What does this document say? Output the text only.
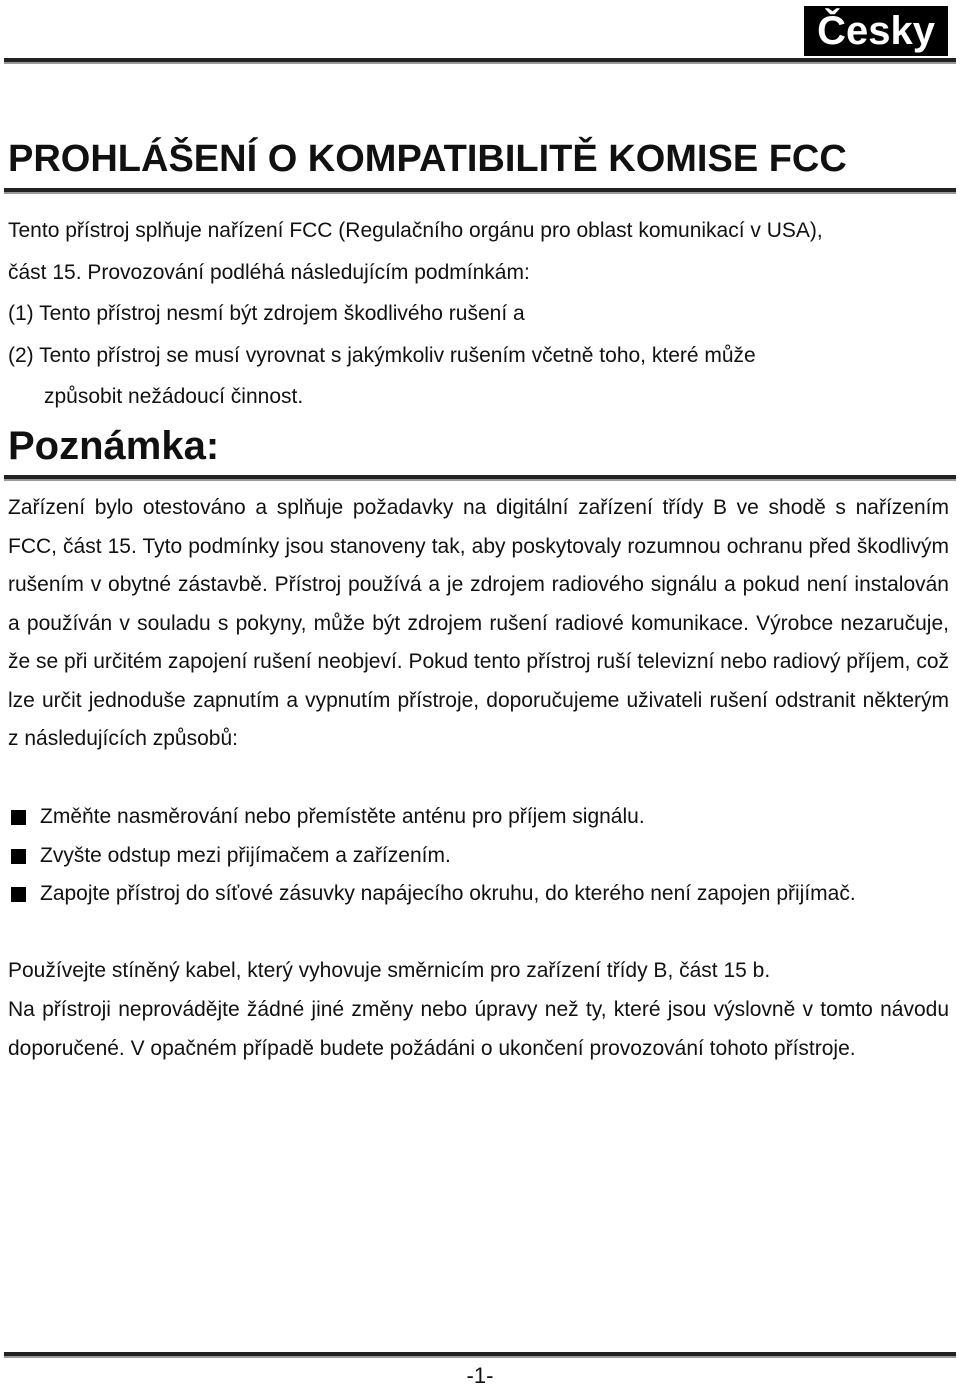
Česky
PROHLÁŠENÍ O KOMPATIBILITĚ KOMISE FCC
Tento přístroj splňuje nařízení FCC (Regulačního orgánu pro oblast komunikací v USA),
část 15. Provozování podléhá následujícím podmínkám:
(1) Tento přístroj nesmí být zdrojem škodlivého rušení a
(2) Tento přístroj se musí vyrovnat s jakýmkoliv rušením včetně toho, které může
způsobit nežádoucí činnost.
Poznámka:

Zařízení bylo otestováno a splňuje požadavky na digitální zařízení třídy B ve shodě s nařízením FCC, část 15. Tyto podmínky jsou stanoveny tak, aby poskytovaly rozumnou ochranu před škodlivým rušením v obytné zástavbě. Přístroj používá a je zdrojem radiového signálu a pokud není instalován a používán v souladu s pokyny, může být zdrojem rušení radiové komunikace. Výrobce nezaručuje, že se při určitém zapojení rušení neobjeví. Pokud tento přístroj ruší televizní nebo radiový příjem, což lze určit jednoduše zapnutím a vypnutím přístroje, doporučujeme uživateli rušení odstranit některým z následujících způsobů:

Změňte nasměrování nebo přemístěte anténu pro příjem signálu.
Zvyšte odstup mezi přijímačem a zařízením.
Zapojte přístroj do síťové zásuvky napájecího okruhu, do kterého není zapojen přijímač.

Používejte stíněný kabel, který vyhovuje směrnicím pro zařízení třídy B, část 15 b.

Na přístroji neprovádějte žádné jiné změny nebo úpravy než ty, které jsou výslovně v tomto návodu doporučené. V opačném případě budete požádáni o ukončení provozování tohoto přístroje.

-1-
